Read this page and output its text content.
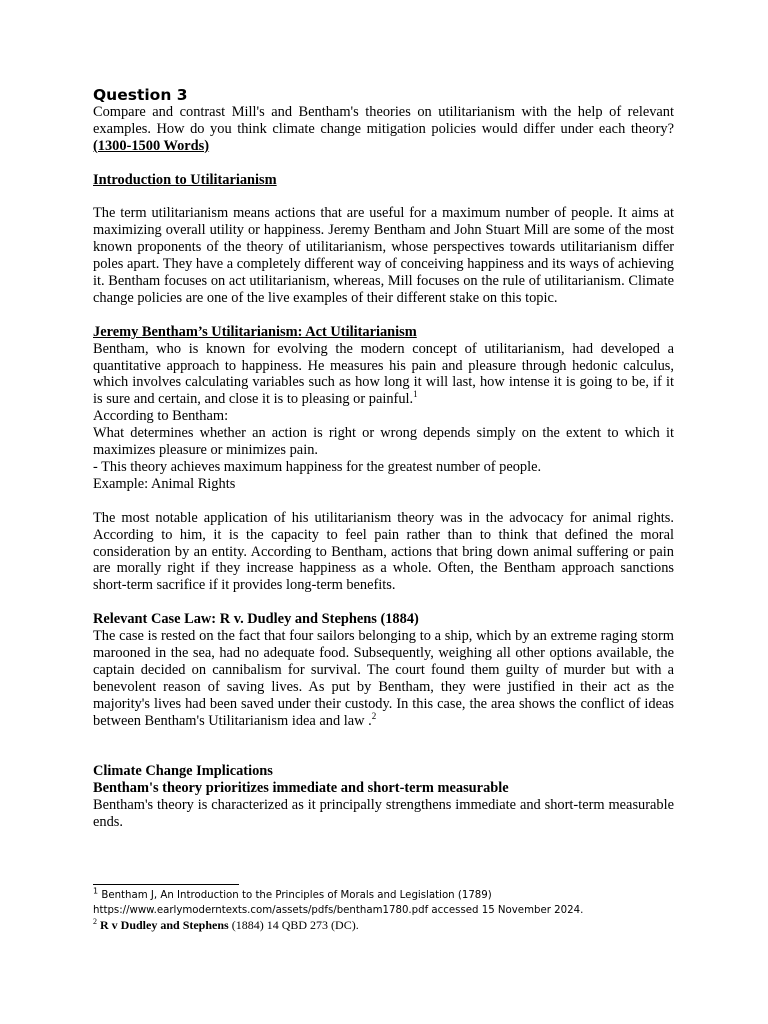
Question 3

Compare and contrast Mill's and Bentham's theories on utilitarianism with the help of relevant examples. How do you think climate change mitigation policies would differ under each theory? (1300-1500 Words)

Introduction to Utilitarianism

The term utilitarianism means actions that are useful for a maximum number of people. It aims at maximizing overall utility or happiness. Jeremy Bentham and John Stuart Mill are some of the most known proponents of the theory of utilitarianism, whose perspectives towards utilitarianism differ poles apart. They have a completely different way of conceiving happiness and its ways of achieving it. Bentham focuses on act utilitarianism, whereas, Mill focuses on the rule of utilitarianism. Climate change policies are one of the live examples of their different stake on this topic.

Jeremy Bentham’s Utilitarianism: Act Utilitarianism

Bentham, who is known for evolving the modern concept of utilitarianism, had developed a quantitative approach to happiness. He measures his pain and pleasure through hedonic calculus, which involves calculating variables such as how long it will last, how intense it is going to be, if it is sure and certain, and close it is to pleasing or painful.$^1$

According to Bentham:

What determines whether an action is right or wrong depends simply on the extent to which it maximizes pleasure or minimizes pain.

- This theory achieves maximum happiness for the greatest number of people.

Example: Animal Rights

The most notable application of his utilitarianism theory was in the advocacy for animal rights. According to him, it is the capacity to feel pain rather than to think that defined the moral consideration by an entity. According to Bentham, actions that bring down animal suffering or pain are morally right if they increase happiness as a whole. Often, the Bentham approach sanctions short-term sacrifice if it provides long-term benefits.

Relevant Case Law: R v. Dudley and Stephens (1884)

The case is rested on the fact that four sailors belonging to a ship, which by an extreme raging storm marooned in the sea, had no adequate food. Subsequently, weighing all other options available, the captain decided on cannibalism for survival. The court found them guilty of murder but with a benevolent reason of saving lives. As put by Bentham, they were justified in their act as the majority's lives had been saved under their custody. In this case, the area shows the conflict of ideas between Bentham's Utilitarianism idea and law .$^2$

Climate Change Implications

Bentham's theory prioritizes immediate and short-term measurable

Bentham's theory is characterized as it principally strengthens immediate and short-term measurable ends.

$^1$ Bentham J, An Introduction to the Principles of Morals and Legislation (1789)
https://www.earlymoderntexts.com/assets/pdfs/bentham1780.pdf accessed 15 November 2024.
$^2$ R v Dudley and Stephens (1884) 14 QBD 273 (DC).
